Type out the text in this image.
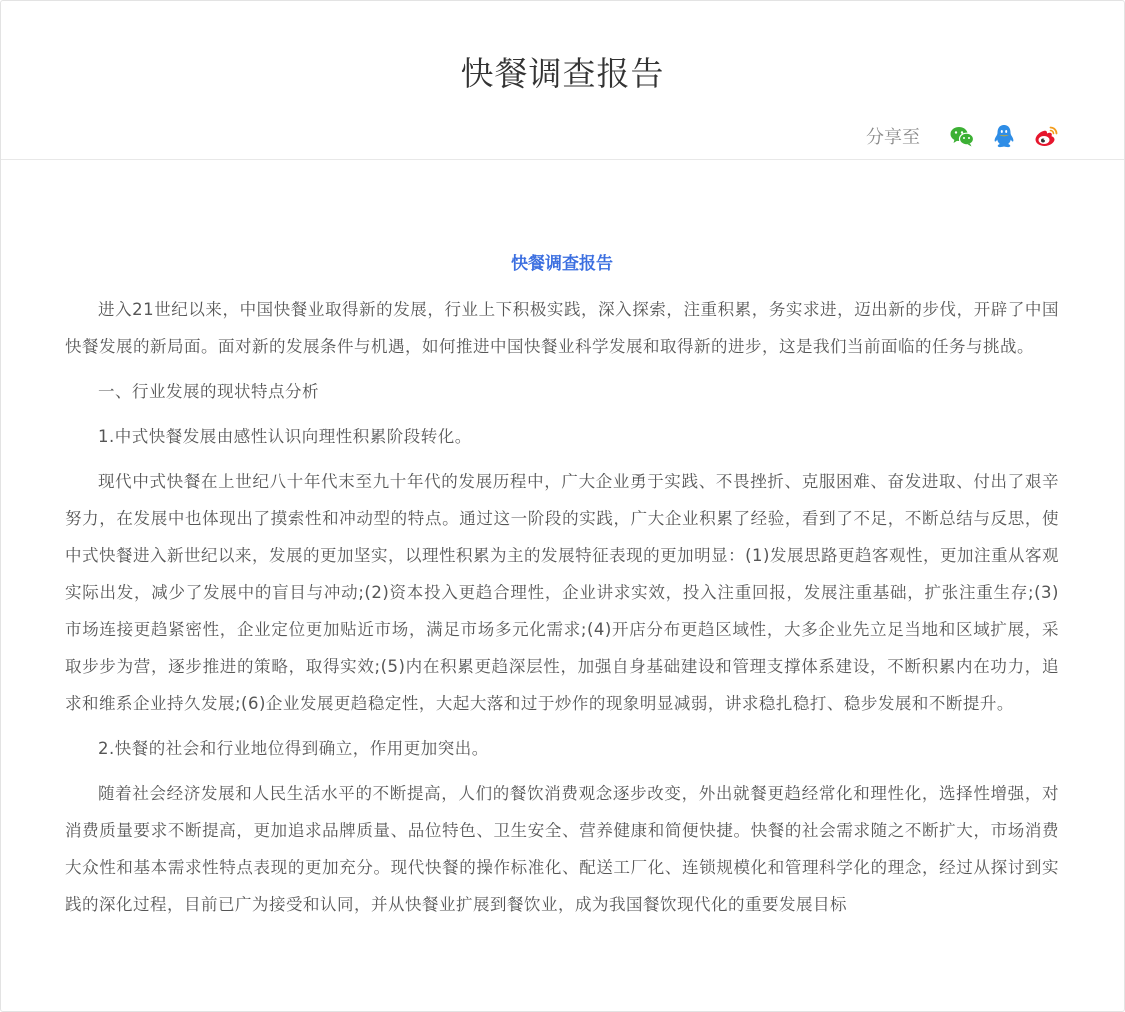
快餐调查报告
分享至
快餐调查报告

进入21世纪以来，中国快餐业取得新的发展，行业上下积极实践，深入探索，注重积累，务实求进，迈出新的步伐，开辟了中国快餐发展的新局面。面对新的发展条件与机遇，如何推进中国快餐业科学发展和取得新的进步，这是我们当前面临的任务与挑战。

一、行业发展的现状特点分析

1.中式快餐发展由感性认识向理性积累阶段转化。

现代中式快餐在上世纪八十年代末至九十年代的发展历程中，广大企业勇于实践、不畏挫折、克服困难、奋发进取、付出了艰辛努力，在发展中也体现出了摸索性和冲动型的特点。通过这一阶段的实践，广大企业积累了经验，看到了不足，不断总结与反思，使中式快餐进入新世纪以来，发展的更加坚实，以理性积累为主的发展特征表现的更加明显：(1)发展思路更趋客观性，更加注重从客观实际出发，减少了发展中的盲目与冲动;(2)资本投入更趋合理性，企业讲求实效，投入注重回报，发展注重基础，扩张注重生存;(3)市场连接更趋紧密性，企业定位更加贴近市场，满足市场多元化需求;(4)开店分布更趋区域性，大多企业先立足当地和区域扩展，采取步步为营，逐步推进的策略，取得实效;(5)内在积累更趋深层性，加强自身基础建设和管理支撑体系建设，不断积累内在功力，追求和维系企业持久发展;(6)企业发展更趋稳定性，大起大落和过于炒作的现象明显减弱，讲求稳扎稳打、稳步发展和不断提升。

2.快餐的社会和行业地位得到确立，作用更加突出。

随着社会经济发展和人民生活水平的不断提高，人们的餐饮消费观念逐步改变，外出就餐更趋经常化和理性化，选择性增强，对消费质量要求不断提高，更加追求品牌质量、品位特色、卫生安全、营养健康和简便快捷。快餐的社会需求随之不断扩大，市场消费大众性和基本需求性特点表现的更加充分。现代快餐的操作标准化、配送工厂化、连锁规模化和管理科学化的理念，经过从探讨到实践的深化过程，目前已广为接受和认同，并从快餐业扩展到餐饮业，成为我国餐饮现代化的重要发展目标
